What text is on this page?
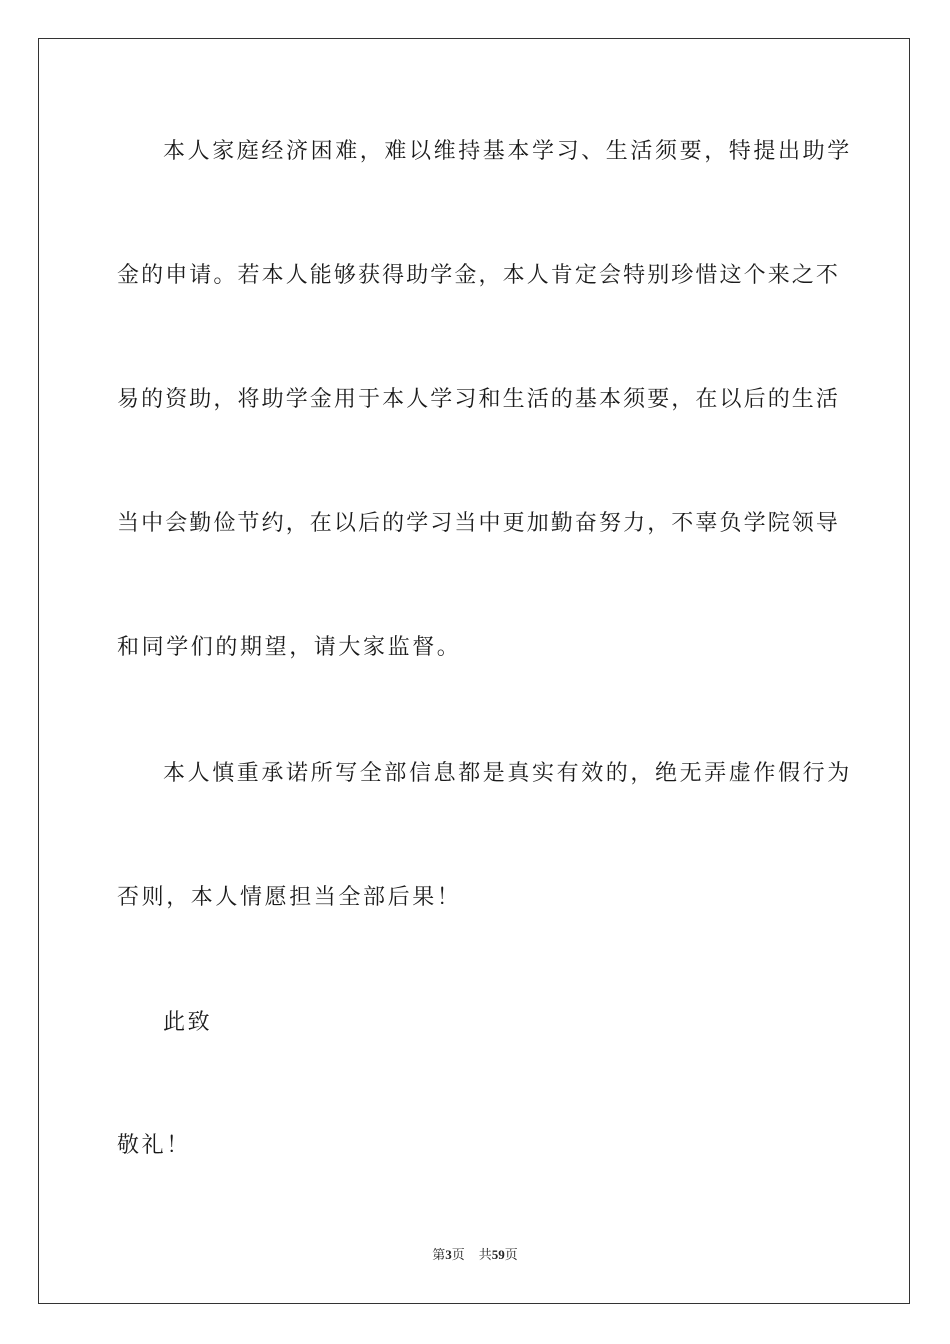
本人家庭经济困难，难以维持基本学习、生活须要，特提出助学
金的申请。若本人能够获得助学金，本人肯定会特别珍惜这个来之不
易的资助，将助学金用于本人学习和生活的基本须要，在以后的生活
当中会勤俭节约，在以后的学习当中更加勤奋努力，不辜负学院领导
和同学们的期望，请大家监督。
本人慎重承诺所写全部信息都是真实有效的，绝无弄虚作假行为
否则，本人情愿担当全部后果！
此致
敬礼！
第3页 共59页
